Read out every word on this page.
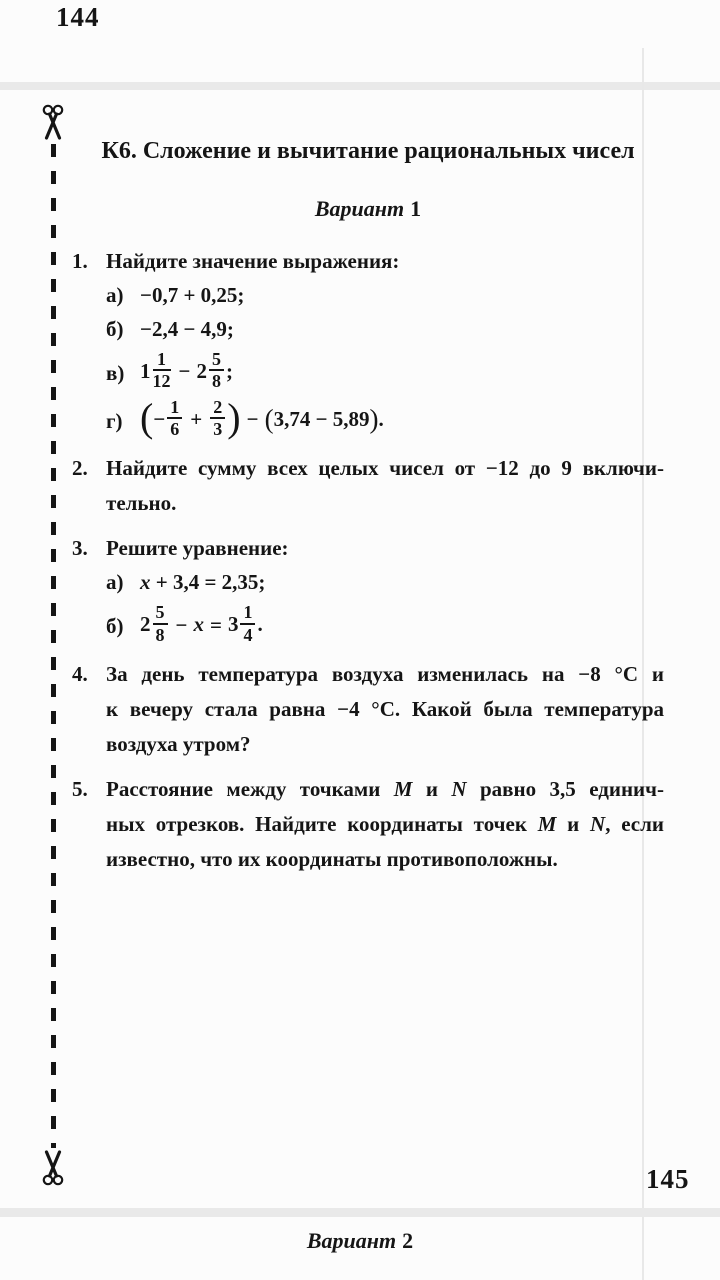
144
К6. Сложение и вычитание рациональных чисел
Вариант 1
1. Найдите значение выражения:
а) −0,7 + 0,25;
б) −2,4 − 4,9;
в) $1 \frac{1}{12} - 2 \frac{5}{8}$ ;
г) (− $\frac{1}{6} + \frac{2}{3}$ ) − (3,74 − 5,89).
2. Найдите сумму всех целых чисел от −12 до 9 включи-
тельно.
3. Решите уравнение:
а) x + 3,4 = 2,35;
б) $2 \frac{5}{8} - x = 3 \frac{1}{4}$ .
4. За день температура воздуха изменилась на −8 °С и
к вечеру стала равна −4 °С. Какой была температура
воздуха утром?
5. Расстояние между точками M и N равно 3,5 единич-
ных отрезков. Найдите координаты точек M и N, если
известно, что их координаты противоположны.
145
Вариант 2
